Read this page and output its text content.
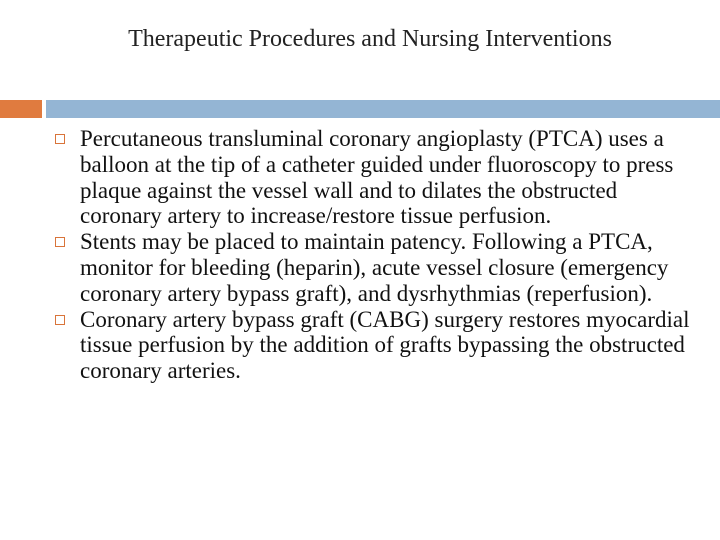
Therapeutic Procedures and Nursing Interventions
Percutaneous transluminal coronary angioplasty (PTCA) uses a balloon at the tip of a catheter guided under fluoroscopy to press plaque against the vessel wall and to dilates the obstructed coronary artery to increase/restore tissue perfusion.
Stents may be placed to maintain patency. Following a PTCA, monitor for bleeding (heparin), acute vessel closure (emergency coronary artery bypass graft), and dysrhythmias (reperfusion).
Coronary artery bypass graft (CABG) surgery restores myocardial tissue perfusion by the addition of grafts bypassing the obstructed coronary arteries.
